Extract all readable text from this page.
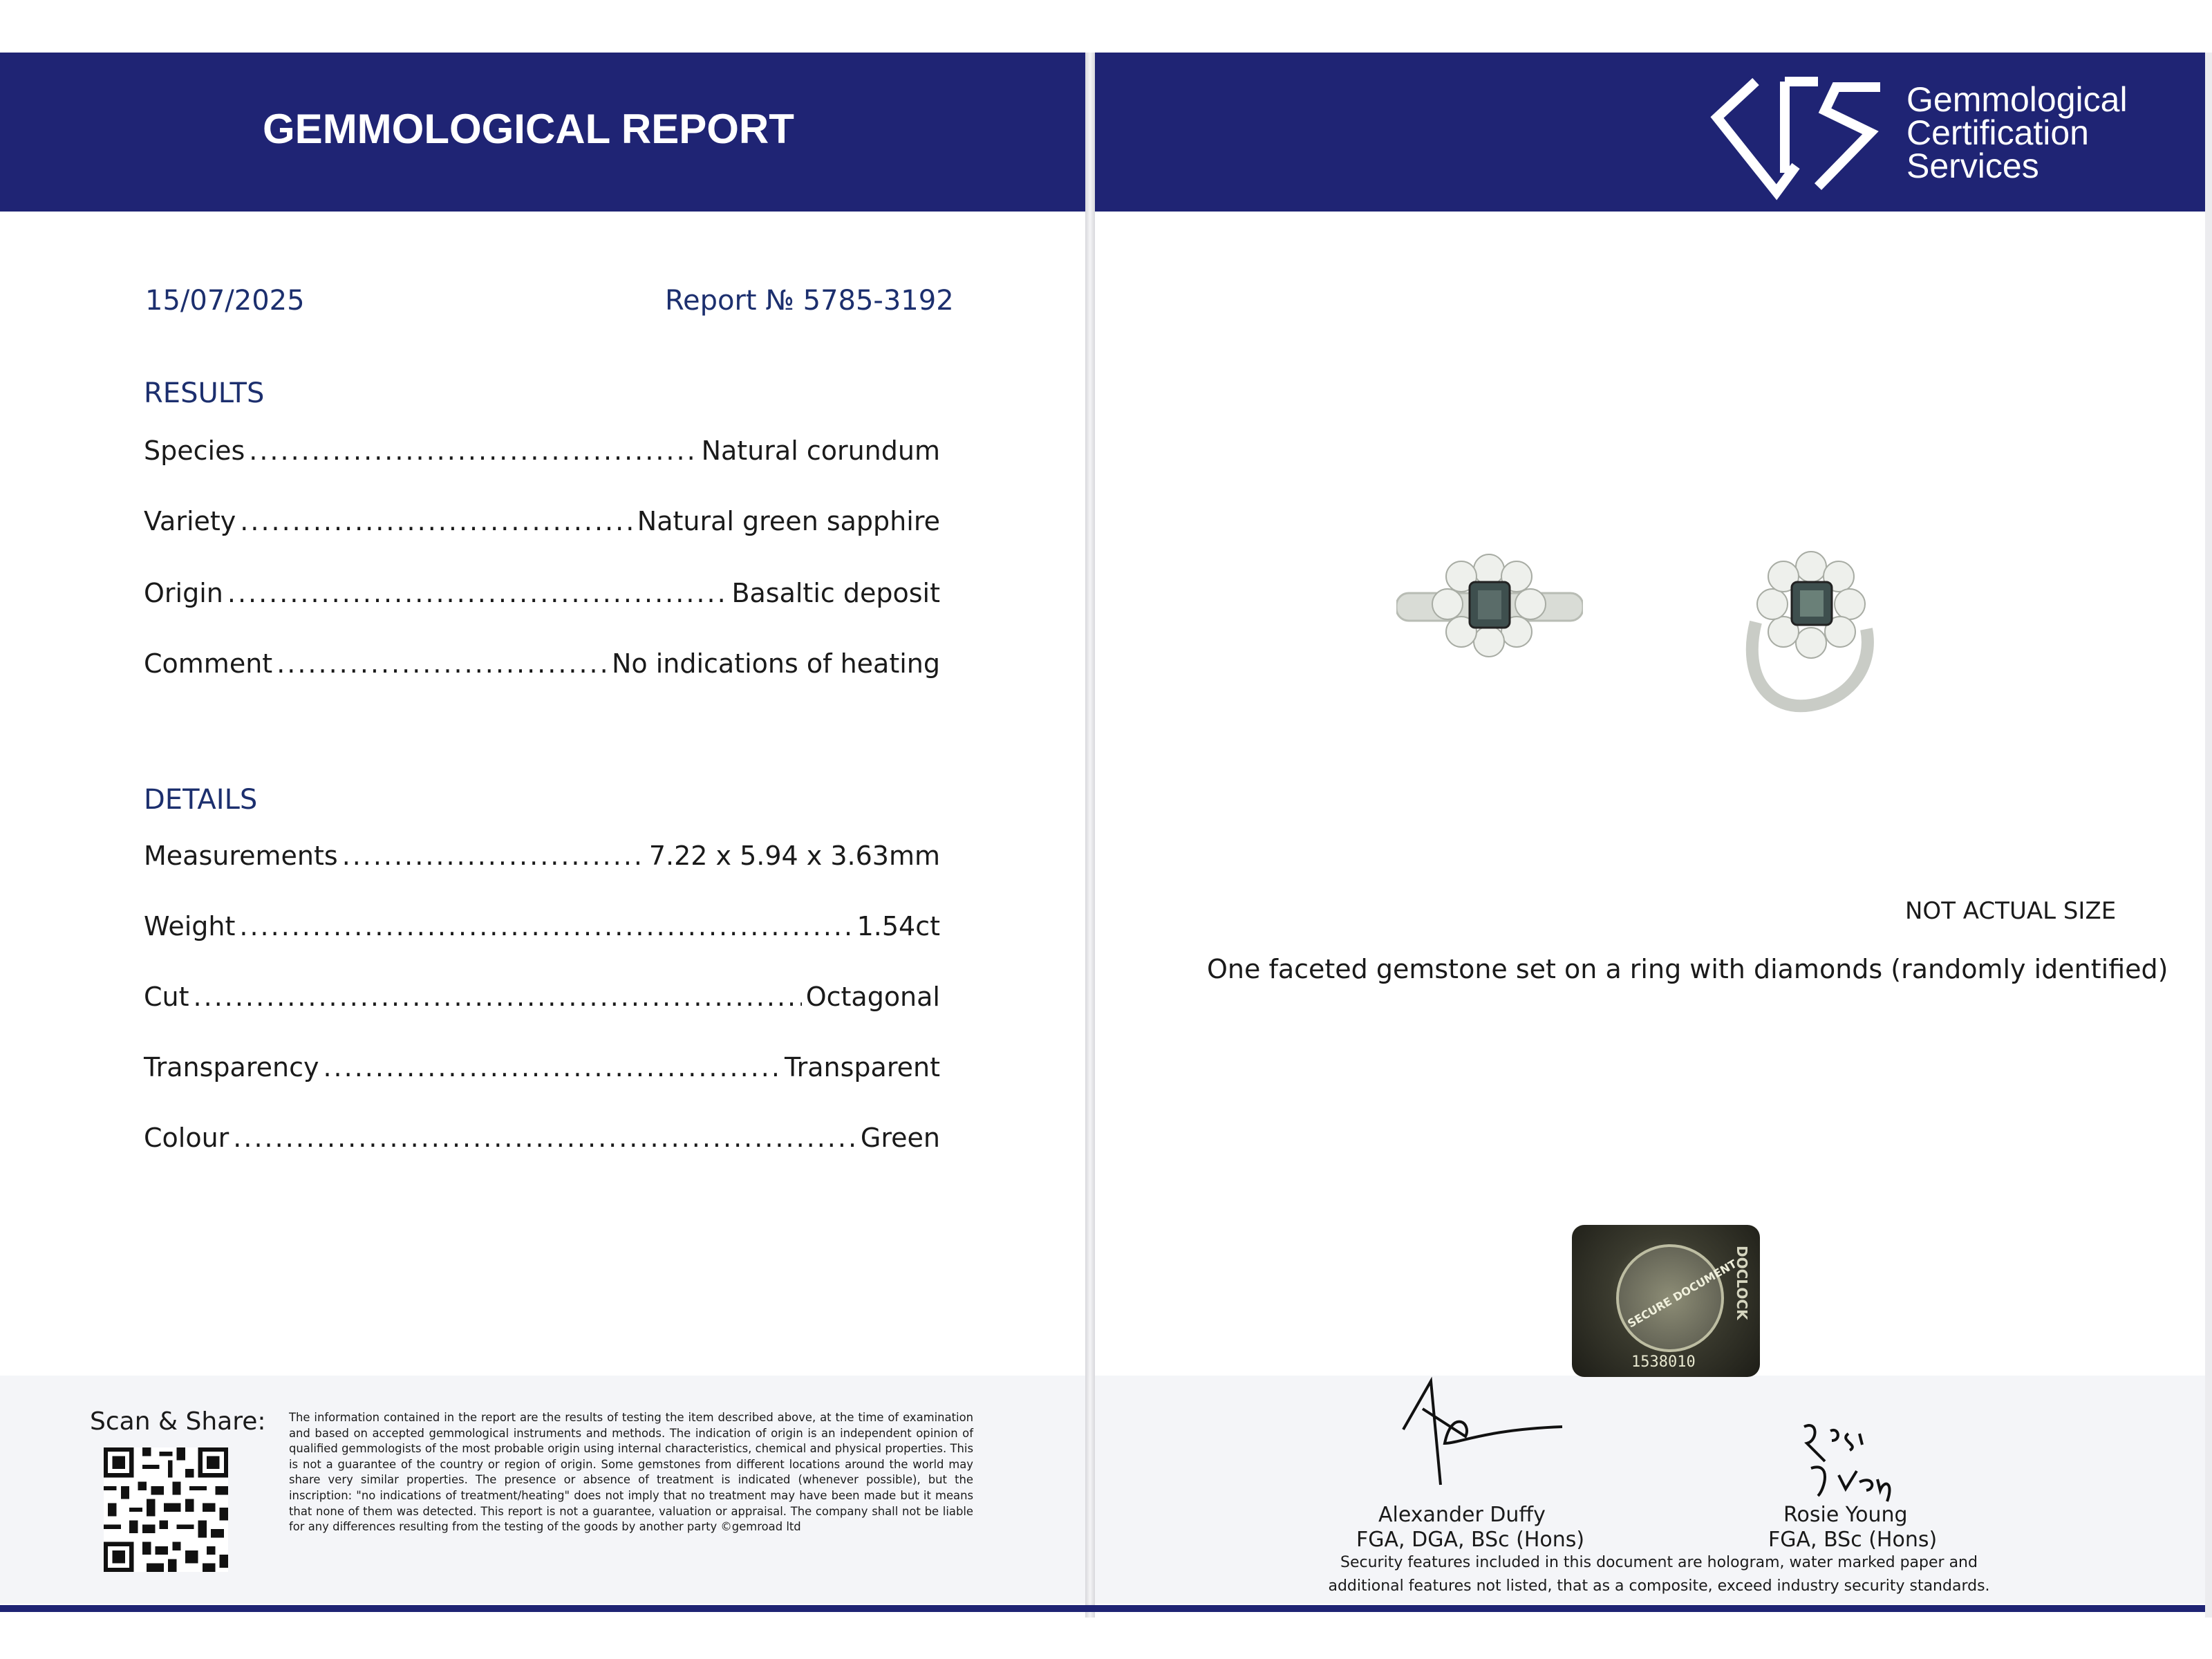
GEMMOLOGICAL REPORT
Gemmological
Certification
Services
15/07/2025	Report № 5785-3192
RESULTS
Species .....	Natural corundum
Variety .....	Natural green sapphire
Origin .....	Basaltic deposit
Comment .....	No indications of heating
DETAILS
Measurements .....	7.22 x 5.94 x 3.63mm
Weight .....	1.54ct
Cut .....	Octagonal
Transparency .....	Transparent
Colour .....	Green
NOT ACTUAL SIZE
One faceted gemstone set on a ring with diamonds (randomly identified)
Scan & Share: The information contained in the report are the results of testing the item described above, at the time of examination and based on accepted gemmological instruments and methods. The indication of origin is an independent opinion of qualified gemmologists of the most probable origin using internal characteristics, chemical and physical properties. This is not a guarantee of the country or region of origin. Some gemstones from different locations around the world may share very similar properties. The presence or absence of treatment is indicated (whenever possible), but the inscription: "no indications of treatment/heating" does not imply that no treatment may have been made but it means that none of them was detected. This report is not a guarantee, valuation or appraisal. The company shall not be liable for any differences resulting from the testing of the goods by another party ©gemroad ltd
SECURE DOCUMENT
DOCLOCK
1538010
Alexander Duffy
FGA, DGA, BSc (Hons)
Rosie Young
FGA, BSc (Hons)
Security features included in this document are hologram, water marked paper and additional features not listed, that as a composite, exceed industry security standards.
